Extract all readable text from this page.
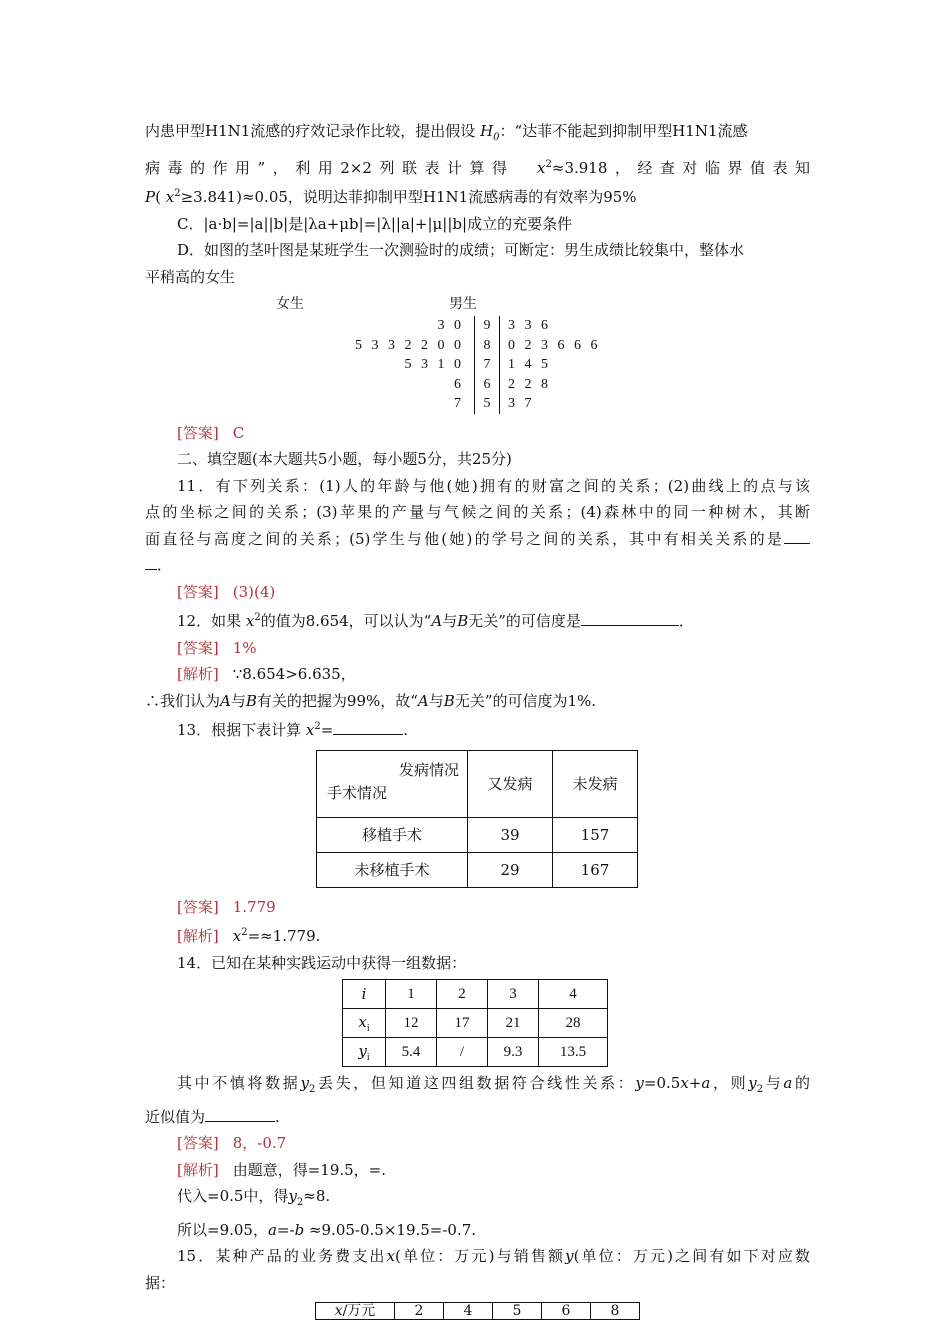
内患甲型H1N1流感的疗效记录作比较，提出假设 $H_0$：“达菲不能起到抑制甲型H1N1流感

病毒的作用”，利用2×2列联表计算得　 $x^2\approx 3.918$，经查对临界值表知

P( $x^2\ge 3.841)\approx 0.05$，说明达菲抑制甲型H1N1流感病毒的有效率为95%

C．|a·b|=|a||b|是|λa+μb|=|λ||a|+|μ||b|成立的充要条件

D．如图的茎叶图是某班学生一次测验时的成绩；可断定：男生成绩比较集中，整体水

平稍高的女生

女生	男生
3 0	9	3 3 6
5 3 3 2 2 0 0	8	0 2 3 6 6 6
5 3 1 0	7	1 4 5
6	6	2 2 8
7	5	3 7

[答案] C

二、填空题(本大题共5小题，每小题5分，共25分)

11．有下列关系：(1)人的年龄与他(她)拥有的财富之间的关系；(2)曲线上的点与该

点的坐标之间的关系；(3)苹果的产量与气候之间的关系；(4)森林中的同一种树木，其断

面直径与高度之间的关系；(5)学生与他(她)的学号之间的关系，其中有相关关系的是

．

[答案] (3)(4)

12．如果 $x^2$的值为8.654，可以认为“A与B无关”的可信度是	．

[答案] 1%

[解析] ∵8.654>6.635，

∴我们认为A与B有关的把握为99%，故“A与B无关”的可信度为1%.

13．根据下表计算 $x^2=$	.

发病情况
手术情况	又发病	未发病
移植手术	39	157
未移植手术	29	167

[答案] 1.779

[解析] $x^2=\approx 1.779$.

14．已知在某种实践运动中获得一组数据：

i	1	2	3	4
$x_i$	12	17	21	28
$y_i$	5.4	/	9.3	13.5

其中不慎将数据$y_2$丢失，但知道这四组数据符合线性关系：y=0.5x+a，则$y_2$与a的

近似值为	.

[答案] 8，-0.7

[解析] 由题意，得=19.5，=.

代入=0.5中，得$y_2\approx 8$.

所以=9.05，a=-b ≈9.05-0.5×19.5=-0.7.

15．某种产品的业务费支出x(单位：万元)与销售额y(单位：万元)之间有如下对应数

据：

x/万元	2	4	5	6	8
